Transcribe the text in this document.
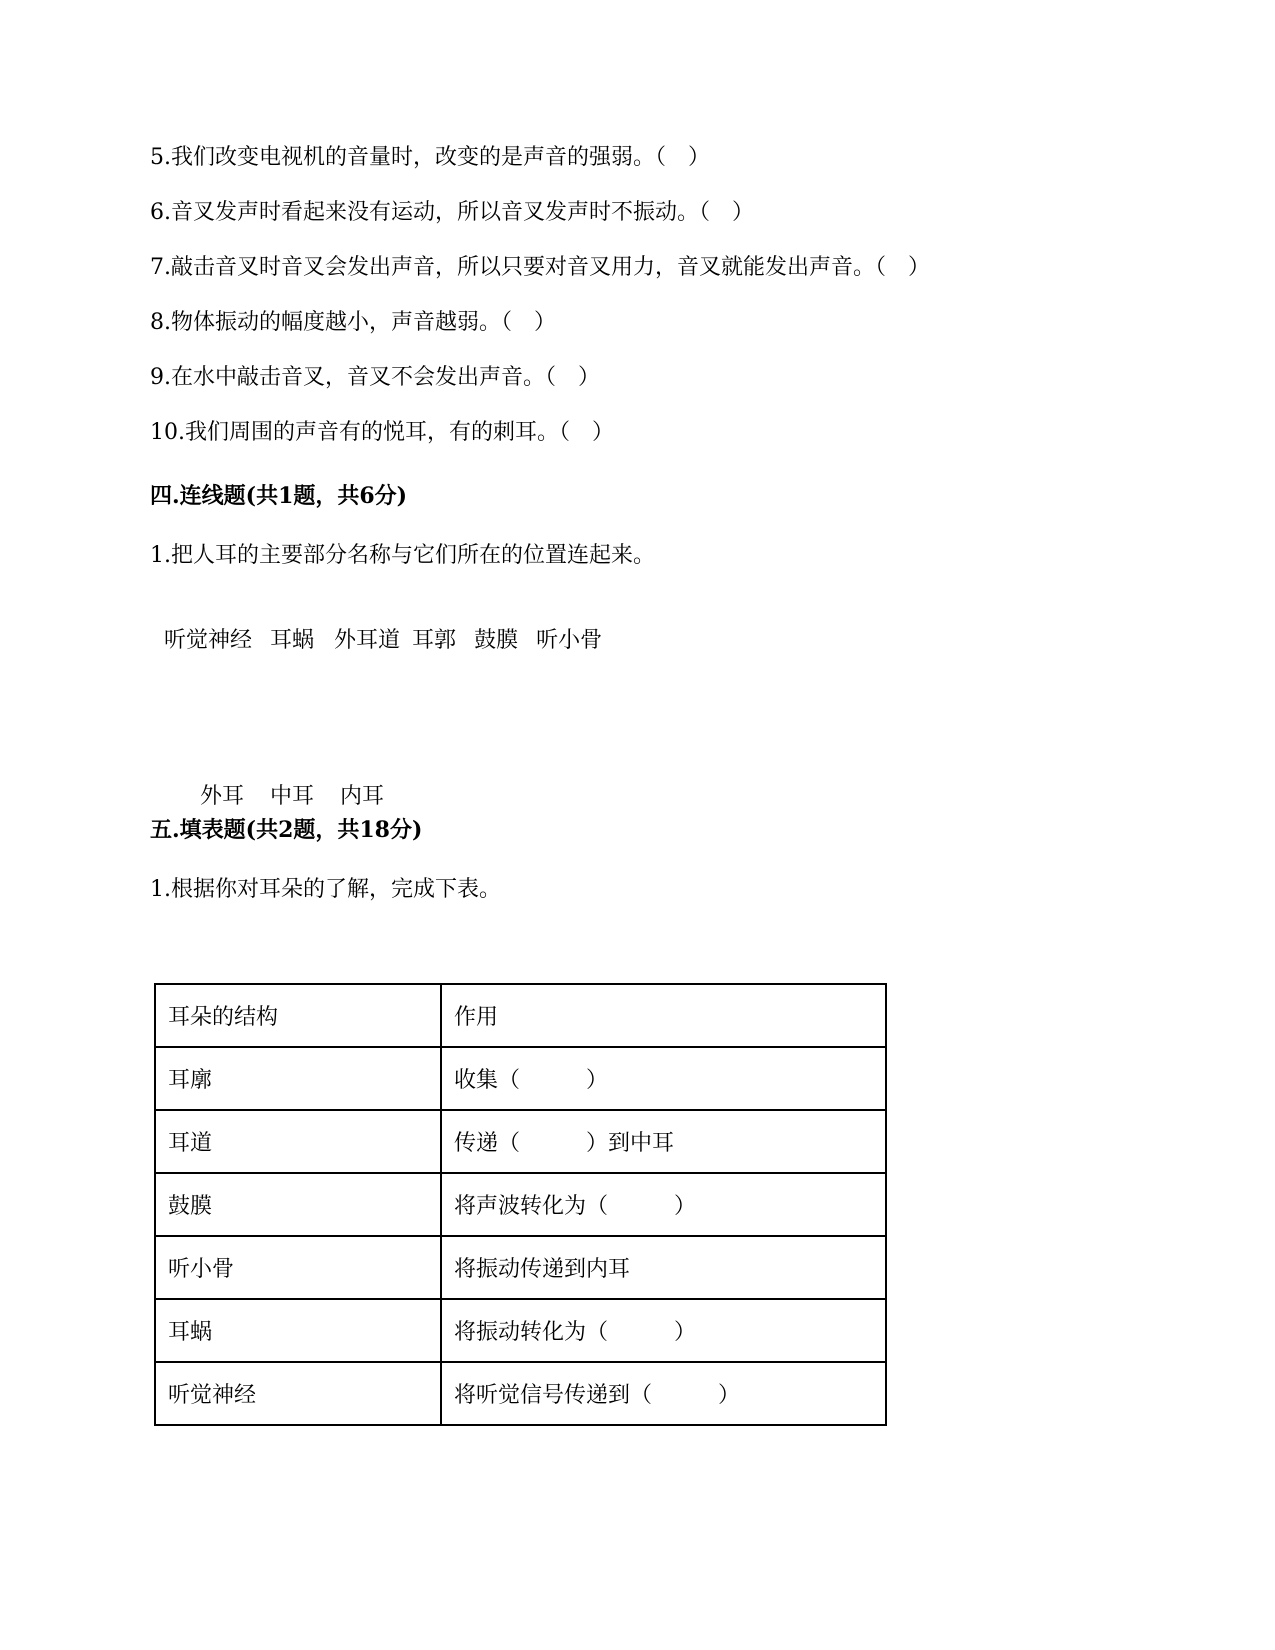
5.我们改变电视机的音量时，改变的是声音的强弱。（　）
6.音叉发声时看起来没有运动，所以音叉发声时不振动。（　）
7.敲击音叉时音叉会发出声音，所以只要对音叉用力，音叉就能发出声音。（　）
8.物体振动的幅度越小，声音越弱。（　）
9.在水中敲击音叉，音叉不会发出声音。（　）
10.我们周围的声音有的悦耳，有的刺耳。（　）
四.连线题(共1题，共6分)
1.把人耳的主要部分名称与它们所在的位置连起来。

听觉神经 耳蜗 外耳道 耳郭 鼓膜 听小骨

外耳 中耳 内耳

五.填表题(共2题，共18分)
1.根据你对耳朵的了解，完成下表。
耳朵的结构	作用
耳廓	收集（　　　）
耳道	传递（　　　）到中耳
鼓膜	将声波转化为（　　　）
听小骨	将振动传递到内耳
耳蜗	将振动转化为（　　　）
听觉神经	将听觉信号传递到（　　　）
